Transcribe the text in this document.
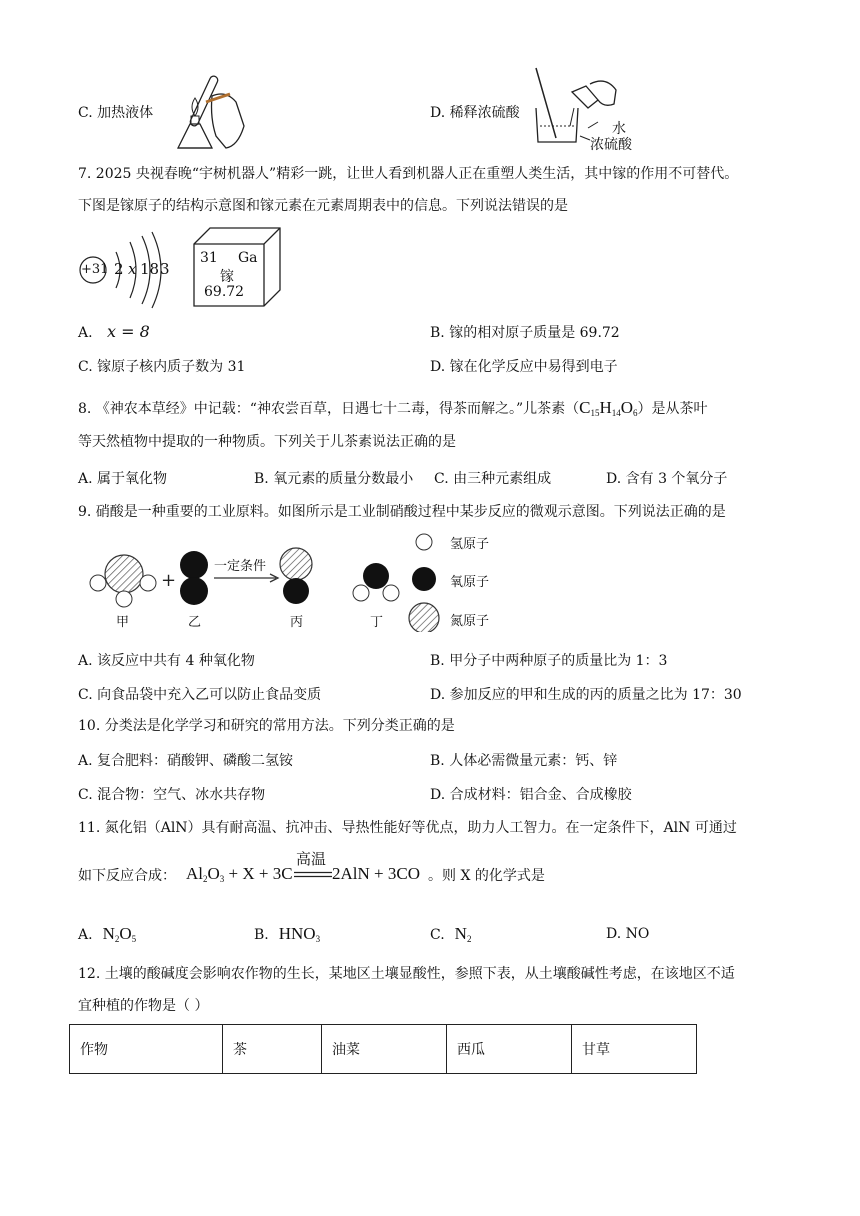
C. 加热液体	D. 稀释浓硫酸
水
浓硫酸
7. 2025 央视春晚“宇树机器人”精彩一跳，让世人看到机器人正在重塑人类生活，其中镓的作用不可替代。
下图是镓原子的结构示意图和镓元素在元素周期表中的信息。下列说法错误的是
+31 2 x 18 3
31 Ga
镓
69.72
A. x = 8	B. 镓的相对原子质量是 69.72
C. 镓原子核内质子数为 31	D. 镓在化学反应中易得到电子
8. 《神农本草经》中记载：“神农尝百草，日遇七十二毒，得茶而解之。”儿茶素$(C_{15}H_{14}O_6)$是从茶叶
等天然植物中提取的一种物质。下列关于儿茶素说法正确的是
A. 属于氧化物	B. 氧元素的质量分数最小 C. 由三种元素组成	D. 含有 3 个氧分子
9. 硝酸是一种重要的工业原料。如图所示是工业制硝酸过程中某步反应的微观示意图。下列说法正确的是
+
一定条件
甲	乙	丙	丁
氢原子
氧原子
氮原子
A. 该反应中共有 4 种氧化物	B. 甲分子中两种原子的质量比为 1：3
C. 向食品袋中充入乙可以防止食品变质	D. 参加反应的甲和生成的丙的质量之比为 17：30
10. 分类法是化学学习和研究的常用方法。下列分类正确的是
A. 复合肥料：硝酸钾、磷酸二氢铵	B. 人体必需微量元素：钙、锌
C. 混合物：空气、冰水共存物	D. 合成材料：铝合金、合成橡胶
11. 氮化铝（AlN）具有耐高温、抗冲击、导热性能好等优点，助力人工智力。在一定条件下，AlN 可通过
如下反应合成： $Al_2O_3 + X + 3C$
高温
2AlN + 3CO 。则 X 的化学式是
A. $N_2O_5$	B. $HNO_3$	C. $N_2$	D. NO
12. 土壤的酸碱度会影响农作物的生长，某地区土壤显酸性，参照下表，从土壤酸碱性考虑，在该地区不适
宜种植的作物是（ ）
作物	茶	油菜	西瓜	甘草
